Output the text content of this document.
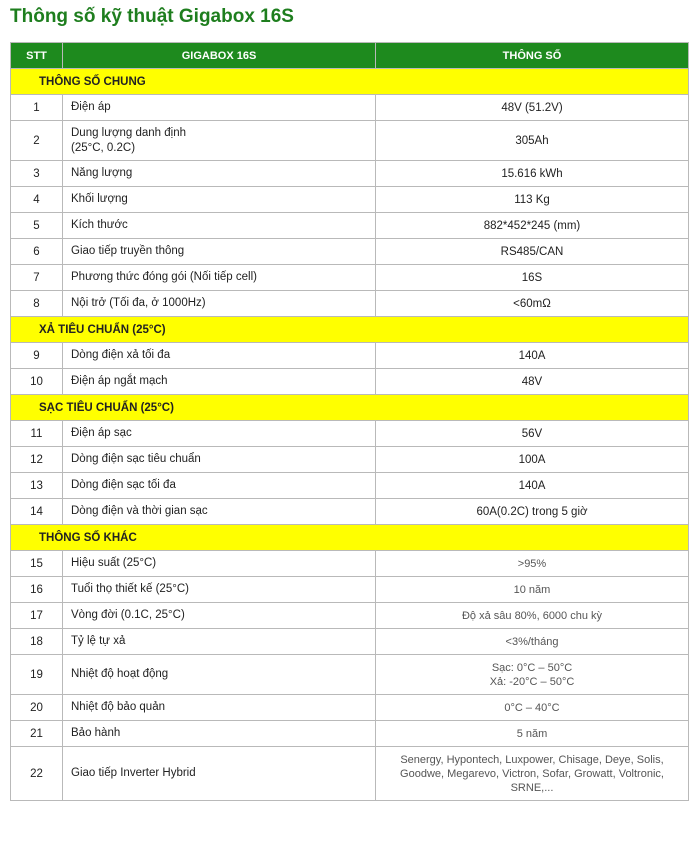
Thông số kỹ thuật Gigabox 16S
STT	GIGABOX 16S	THÔNG SỐ
THÔNG SỐ CHUNG		
1	Điện áp	48V (51.2V)

2	Dung lượng danh định
(25°C, 0.2C)	305Ah

3	Năng lượng	15.616 kWh

4	Khối lượng	113 Kg

5	Kích thước	882*452*245 (mm)

6	Giao tiếp truyền thông	RS485/CAN

7	Phương thức đóng gói (Nối tiếp cell)	16S

8	Nội trở (Tối đa, ở 1000Hz)	<60mΩ

XẢ TIÊU CHUẨN (25°C)		
9	Dòng điện xả tối đa	140A

10	Điện áp ngắt mạch	48V

SẠC TIÊU CHUẨN (25°C)		
11	Điện áp sạc	56V

12	Dòng điện sạc tiêu chuẩn	100A

13	Dòng điện sạc tối đa	140A

14	Dòng điện và thời gian sạc	60A(0.2C) trong 5 giờ

THÔNG SỐ KHÁC		
15	Hiệu suất (25°C)	>95%

16	Tuổi thọ thiết kế (25°C)	10 năm

17	Vòng đời (0.1C, 25°C)	Độ xả sâu 80%, 6000 chu kỳ

18	Tỷ lệ tự xả	<3%/tháng

19	Nhiệt độ hoạt động	Sạc: 0°C – 50°C
Xả: -20°C – 50°C

20	Nhiệt độ bảo quản	0°C – 40°C

21	Bảo hành	5 năm

22	Giao tiếp Inverter Hybrid	Senergy, Hypontech, Luxpower, Chisage, Deye, Solis,
Goodwe, Megarevo, Victron, Sofar, Growatt, Voltronic,
SRNE,...
